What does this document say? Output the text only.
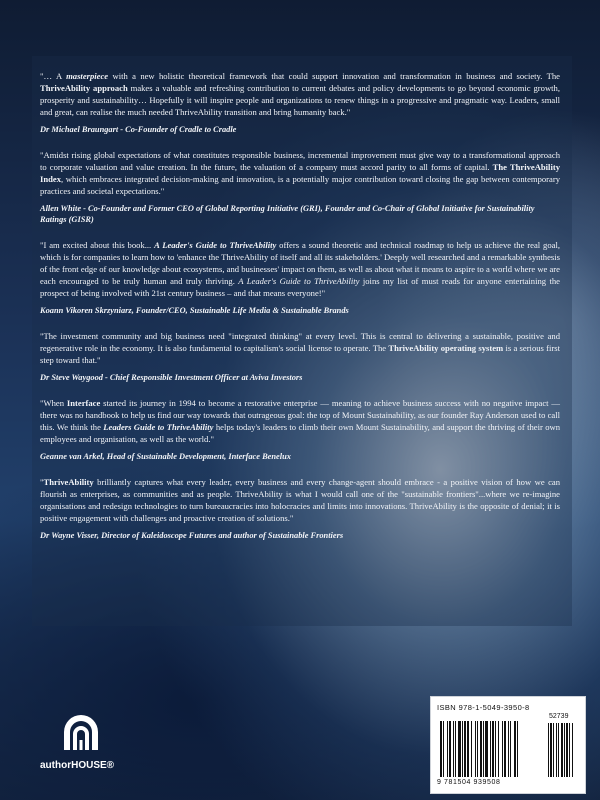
"… A masterpiece with a new holistic theoretical framework that could support innovation and transformation in business and society. The ThriveAbility approach makes a valuable and refreshing contribution to current debates and policy developments to go beyond economic growth, prosperity and sustainability… Hopefully it will inspire people and organizations to renew things in a progressive and pragmatic way. Leaders, small and great, can realise the much needed ThriveAbility transition and bring humanity back."

Dr Michael Braungart - Co-Founder of Cradle to Cradle

"Amidst rising global expectations of what constitutes responsible business, incremental improvement must give way to a transformational approach to corporate valuation and value creation. In the future, the valuation of a company must accord parity to all forms of capital. The ThriveAbility Index, which embraces integrated decision-making and innovation, is a potentially major contribution toward closing the gap between contemporary practices and societal expectations."

Allen White - Co-Founder and Former CEO of Global Reporting Initiative (GRI), Founder and Co-Chair of Global Initiative for Sustainability Ratings (GISR)

"I am excited about this book... A Leader's Guide to ThriveAbility offers a sound theoretic and technical roadmap to help us achieve the real goal, which is for companies to learn how to 'enhance the ThriveAbility of itself and all its stakeholders.' Deeply well researched and a remarkable synthesis of the front edge of our knowledge about ecosystems, and businesses' impact on them, as well as about what it means to aspire to a world where we are each encouraged to be truly human and truly thriving. A Leader's Guide to ThriveAbility joins my list of must reads for anyone entertaining the prospect of being involved with 21st century business – and that means everyone!"

Koann Vikoren Skrzyniarz, Founder/CEO, Sustainable Life Media & Sustainable Brands

"The investment community and big business need "integrated thinking" at every level. This is central to delivering a sustainable, positive and regenerative role in the economy. It is also fundamental to capitalism's social license to operate. The ThriveAbility operating system is a serious first step toward that."

Dr Steve Waygood - Chief Responsible Investment Officer at Aviva Investors

"When Interface started its journey in 1994 to become a restorative enterprise — meaning to achieve business success with no negative impact — there was no handbook to help us find our way towards that outrageous goal: the top of Mount Sustainability, as our founder Ray Anderson used to call this. We think the Leaders Guide to ThriveAbility helps today's leaders to climb their own Mount Sustainability, and support the thriving of their own employees and organisation, as well as the world."

Geanne van Arkel, Head of Sustainable Development, Interface Benelux

"ThriveAbility brilliantly captures what every leader, every business and every change-agent should embrace - a positive vision of how we can flourish as enterprises, as communities and as people. ThriveAbility is what I would call one of the "sustainable frontiers"...where we re-imagine organisations and redesign technologies to turn bureaucracies into holocracies and limits into innovations. ThriveAbility is the opposite of denial; it is positive engagement with challenges and proactive creation of solutions."

Dr Wayne Visser, Director of Kaleidoscope Futures and author of Sustainable Frontiers

authorHOUSE®
ISBN 978-1-5049-3950-8
52739
9 781504 939508
